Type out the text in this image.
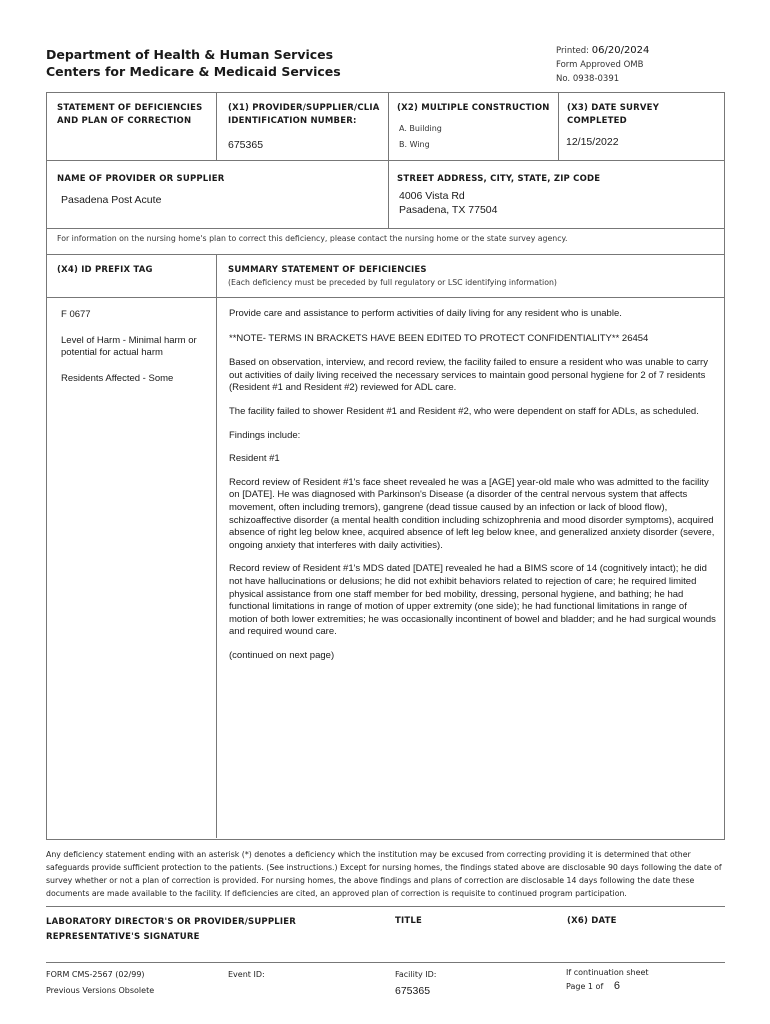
Department of Health & Human Services
Centers for Medicare & Medicaid Services
Printed: 06/20/2024
Form Approved OMB
No. 0938-0391
STATEMENT OF DEFICIENCIES AND PLAN OF CORRECTION
(X1) PROVIDER/SUPPLIER/CLIA IDENTIFICATION NUMBER:
675365
(X2) MULTIPLE CONSTRUCTION
A. Building
B. Wing
(X3) DATE SURVEY COMPLETED
12/15/2022
NAME OF PROVIDER OR SUPPLIER
Pasadena Post Acute
STREET ADDRESS, CITY, STATE, ZIP CODE
4006 Vista Rd
Pasadena, TX 77504
For information on the nursing home's plan to correct this deficiency, please contact the nursing home or the state survey agency.
(X4) ID PREFIX TAG	SUMMARY STATEMENT OF DEFICIENCIES
(Each deficiency must be preceded by full regulatory or LSC identifying information)

F 0677

Level of Harm - Minimal harm or potential for actual harm

Residents Affected - Some

Provide care and assistance to perform activities of daily living for any resident who is unable.

**NOTE- TERMS IN BRACKETS HAVE BEEN EDITED TO PROTECT CONFIDENTIALITY** 26454

Based on observation, interview, and record review, the facility failed to ensure a resident who was unable to carry out activities of daily living received the necessary services to maintain good personal hygiene for 2 of 7 residents (Resident #1 and Resident #2) reviewed for ADL care.

The facility failed to shower Resident #1 and Resident #2, who were dependent on staff for ADLs, as scheduled.

Findings include:

Resident #1

Record review of Resident #1's face sheet revealed he was a [AGE] year-old male who was admitted to the facility on [DATE]. He was diagnosed with Parkinson's Disease (a disorder of the central nervous system that affects movement, often including tremors), gangrene (dead tissue caused by an infection or lack of blood flow), schizoaffective disorder (a mental health condition including schizophrenia and mood disorder symptoms), acquired absence of right leg below knee, acquired absence of left leg below knee, and generalized anxiety disorder (severe, ongoing anxiety that interferes with daily activities).

Record review of Resident #1's MDS dated [DATE] revealed he had a BIMS score of 14 (cognitively intact); he did not have hallucinations or delusions; he did not exhibit behaviors related to rejection of care; he required limited physical assistance from one staff member for bed mobility, dressing, personal hygiene, and bathing; he had functional limitations in range of motion of upper extremity (one side); he had functional limitations in range of motion of both lower extremities; he was occasionally incontinent of bowel and bladder; and he had surgical wounds and required wound care.

(continued on next page)

Any deficiency statement ending with an asterisk (*) denotes a deficiency which the institution may be excused from correcting providing it is determined that other safeguards provide sufficient protection to the patients. (See instructions.) Except for nursing homes, the findings stated above are disclosable 90 days following the date of survey whether or not a plan of correction is provided. For nursing homes, the above findings and plans of correction are disclosable 14 days following the date these documents are made available to the facility. If deficiencies are cited, an approved plan of correction is requisite to continued program participation.
LABORATORY DIRECTOR'S OR PROVIDER/SUPPLIER REPRESENTATIVE'S SIGNATURE
TITLE	(X6) DATE
FORM CMS-2567 (02/99)
Previous Versions Obsolete
Event ID:	Facility ID:
675365
If continuation sheet
Page 1 of 6
